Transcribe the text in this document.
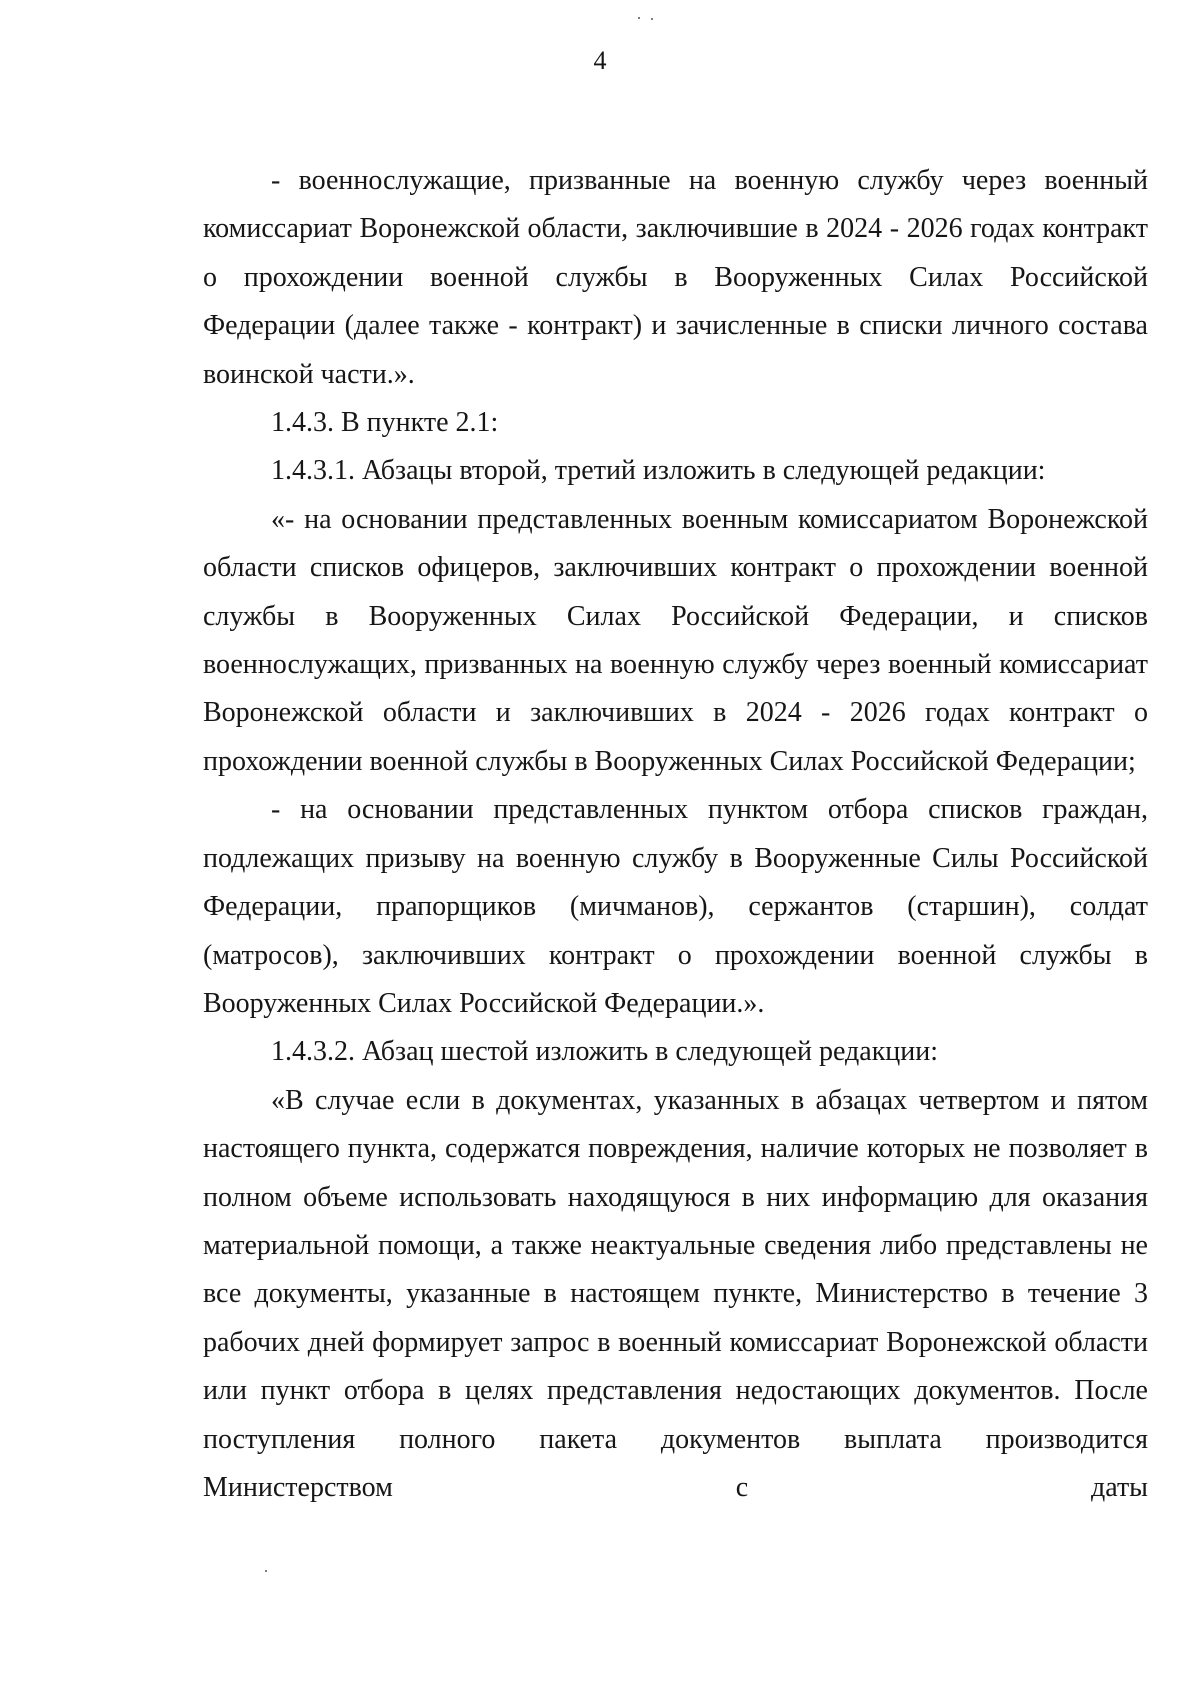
4

- военнослужащие, призванные на военную службу через военный комиссариат Воронежской области, заключившие в 2024 - 2026 годах контракт о прохождении военной службы в Вооруженных Силах Российской Федерации (далее также - контракт) и зачисленные в списки личного состава воинской части.».

1.4.3. В пункте 2.1:

1.4.3.1. Абзацы второй, третий изложить в следующей редакции:

«- на основании представленных военным комиссариатом Воронежской области списков офицеров, заключивших контракт о прохождении военной службы в Вооруженных Силах Российской Федерации, и списков военнослужащих, призванных на военную службу через военный комиссариат Воронежской области и заключивших в 2024 - 2026 годах контракт о прохождении военной службы в Вооруженных Силах Российской Федерации;

- на основании представленных пунктом отбора списков граждан, подлежащих призыву на военную службу в Вооруженные Силы Российской Федерации, прапорщиков (мичманов), сержантов (старшин), солдат (матросов), заключивших контракт о прохождении военной службы в Вооруженных Силах Российской Федерации.».

1.4.3.2. Абзац шестой изложить в следующей редакции:

«В случае если в документах, указанных в абзацах четвертом и пятом настоящего пункта, содержатся повреждения, наличие которых не позволяет в полном объеме использовать находящуюся в них информацию для оказания материальной помощи, а также неактуальные сведения либо представлены не все документы, указанные в настоящем пункте, Министерство в течение 3 рабочих дней формирует запрос в военный комиссариат Воронежской области или пункт отбора в целях представления недостающих документов. После поступления полного пакета документов выплата производится Министерством с даты
